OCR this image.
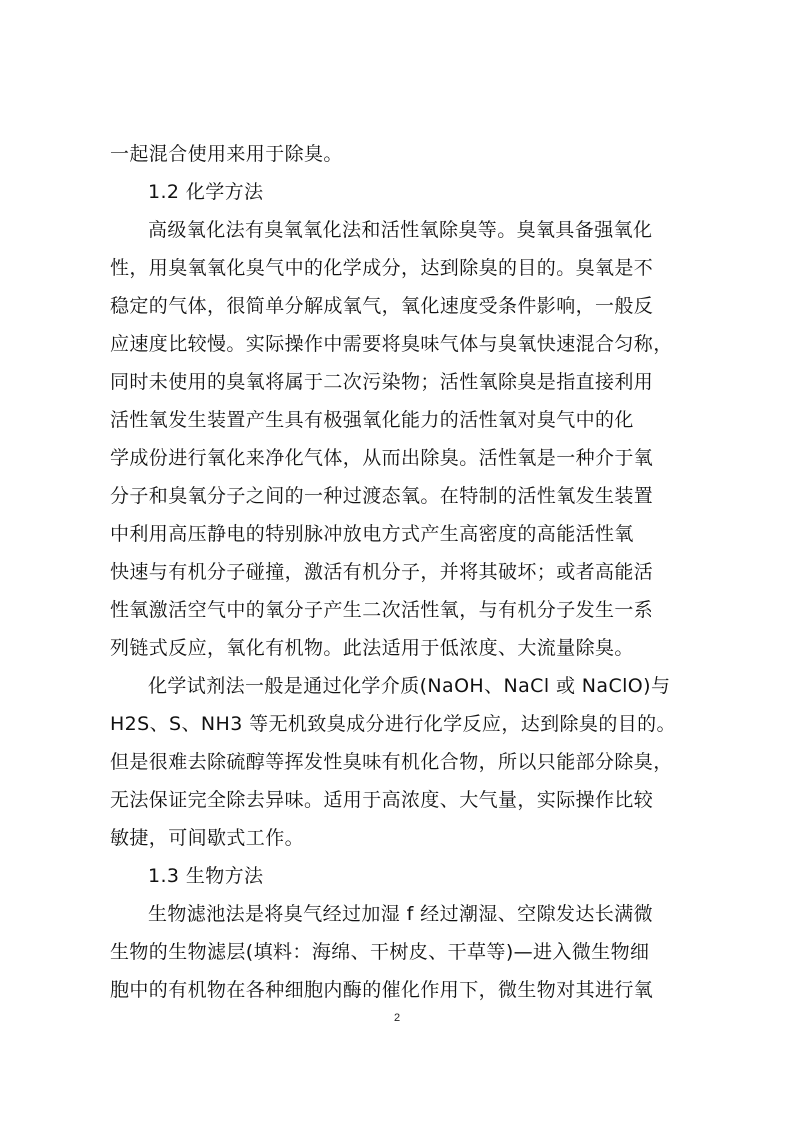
一起混合使用来用于除臭。
1.2 化学方法
高级氧化法有臭氧氧化法和活性氧除臭等。臭氧具备强氧化
性，用臭氧氧化臭气中的化学成分，达到除臭的目的。臭氧是不
稳定的气体，很简单分解成氧气，氧化速度受条件影响，一般反
应速度比较慢。实际操作中需要将臭味气体与臭氧快速混合匀称，
同时未使用的臭氧将属于二次污染物；活性氧除臭是指直接利用
活性氧发生装置产生具有极强氧化能力的活性氧对臭气中的化
学成份进行氧化来净化气体，从而出除臭。活性氧是一种介于氧
分子和臭氧分子之间的一种过渡态氧。在特制的活性氧发生装置
中利用高压静电的特别脉冲放电方式产生高密度的高能活性氧
快速与有机分子碰撞，激活有机分子，并将其破坏；或者高能活
性氧激活空气中的氧分子产生二次活性氧，与有机分子发生一系
列链式反应，氧化有机物。此法适用于低浓度、大流量除臭。
化学试剂法一般是通过化学介质(NaOH、NaCl 或 NaClO)与
H2S、S、NH3 等无机致臭成分进行化学反应，达到除臭的目的。
但是很难去除硫醇等挥发性臭味有机化合物，所以只能部分除臭，
无法保证完全除去异味。适用于高浓度、大气量，实际操作比较
敏捷，可间歇式工作。
1.3 生物方法
生物滤池法是将臭气经过加湿 f 经过潮湿、空隙发达长满微
生物的生物滤层(填料：海绵、干树皮、干草等)—进入微生物细
胞中的有机物在各种细胞内酶的催化作用下，微生物对其进行氧
2
